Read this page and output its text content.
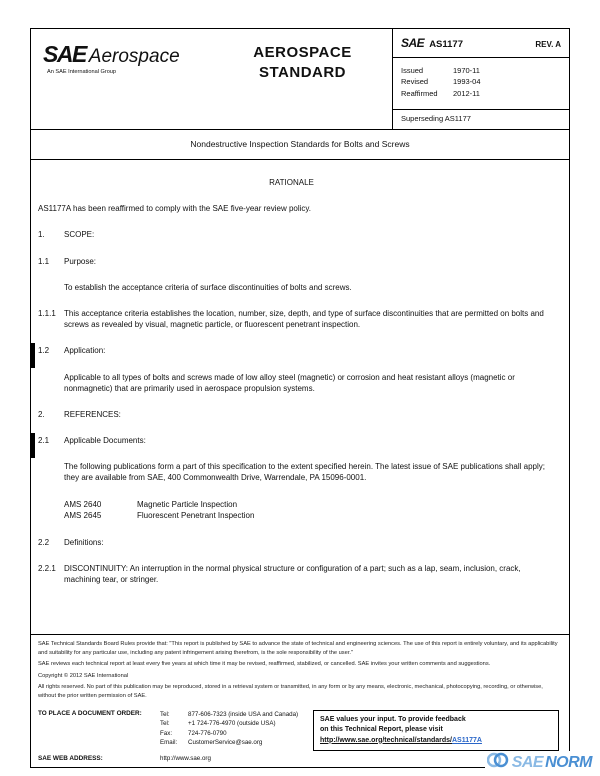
SAE Aerospace
An SAE International Group
AEROSPACE
STANDARD
SAE AS1177	REV. A
Issued	1970-11
Revised	1993-04
Reaffirmed	2012-11
Superseding AS1177
Nondestructive Inspection Standards for Bolts and Screws
RATIONALE
AS1177A has been reaffirmed to comply with the SAE five-year review policy.
1.	SCOPE:
1.1	Purpose:
To establish the acceptance criteria of surface discontinuities of bolts and screws.
1.1.1	This acceptance criteria establishes the location, number, size, depth, and type of surface discontinuities that are permitted on bolts and screws as revealed by visual, magnetic particle, or fluorescent penetrant inspection.
1.2	Application:
Applicable to all types of bolts and screws made of low alloy steel (magnetic) or corrosion and heat resistant alloys (magnetic or nonmagnetic) that are primarily used in aerospace propulsion systems.
2.	REFERENCES:
2.1	Applicable Documents:
The following publications form a part of this specification to the extent specified herein. The latest issue of SAE publications shall apply; they are available from SAE, 400 Commonwealth Drive, Warrendale, PA 15096-0001.
AMS 2640	Magnetic Particle Inspection
AMS 2645	Fluorescent Penetrant Inspection
2.2	Definitions:
2.2.1	DISCONTINUITY: An interruption in the normal physical structure or configuration of a part; such as a lap, seam, inclusion, crack, machining tear, or stringer.
SAE Technical Standards Board Rules provide that: "This report is published by SAE to advance the state of technical and engineering sciences. The use of this report is entirely voluntary, and its applicability and suitability for any particular use, including any patent infringement arising therefrom, is the sole responsibility of the user."
SAE reviews each technical report at least every five years at which time it may be revised, reaffirmed, stabilized, or cancelled. SAE invites your written comments and suggestions.
Copyright © 2012 SAE International
All rights reserved. No part of this publication may be reproduced, stored in a retrieval system or transmitted, in any form or by any means, electronic, mechanical, photocopying, recording, or otherwise, without the prior written permission of SAE.
TO PLACE A DOCUMENT ORDER:	Tel:	877-606-7323 (inside USA and Canada)
Tel:	+1 724-776-4970 (outside USA)
Fax:	724-776-0790
Email:	CustomerService@sae.org
SAE WEB ADDRESS:	http://www.sae.org
SAE values your input. To provide feedback
on this Technical Report, please visit
http://www.sae.org/technical/standards/AS1177A
SAE NORM
